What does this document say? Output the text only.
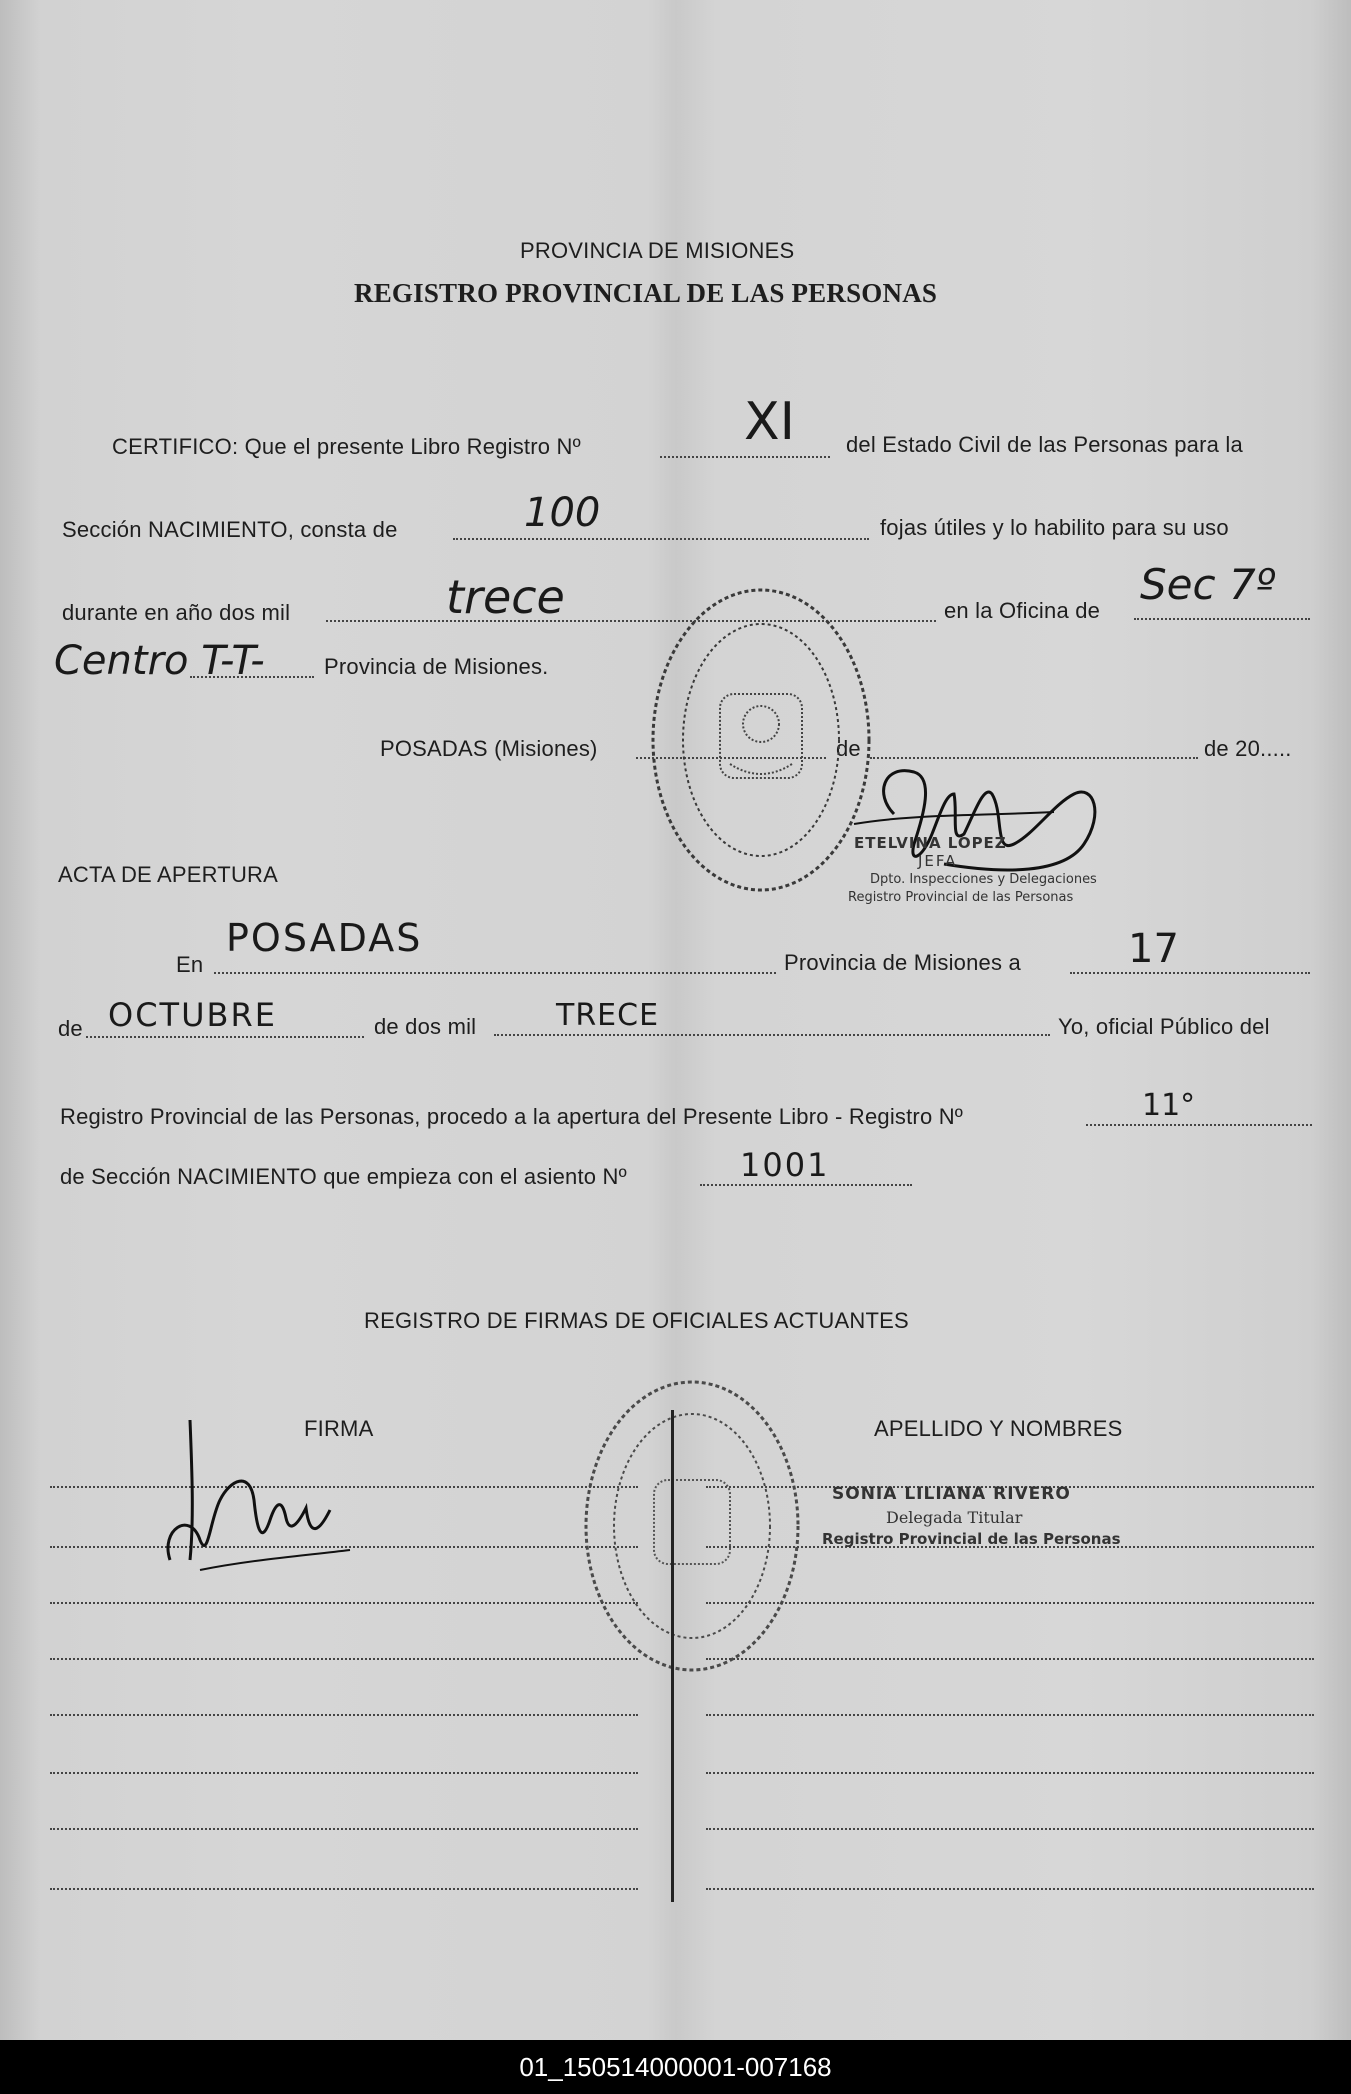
PROVINCIA DE MISIONES
REGISTRO PROVINCIAL DE LAS PERSONAS
CERTIFICO: Que el presente Libro Registro Nº	XI del Estado Civil de las Personas para la
Sección NACIMIENTO, consta de	100	fojas útiles y lo habilito para su uso
durante en año dos mil	trece	en la Oficina de
Sec 7º
Centro T-T-	Provincia de Misiones.
POSADAS (Misiones)	de	de 20.....
ETELVINA LOPEZ
JEFA
Dpto. Inspecciones y Delegaciones
Registro Provincial de las Personas
ACTA DE APERTURA
En
POSADAS
Provincia de Misiones a	17
de OCTUBRE	de dos mil	TRECE	Yo, oficial Público del
Registro Provincial de las Personas, procedo a la apertura del Presente Libro - Registro Nº	11°
de Sección NACIMIENTO que empieza con el asiento Nº	1001
REGISTRO DE FIRMAS DE OFICIALES ACTUANTES
FIRMA	APELLIDO Y NOMBRES
SONIA LILIANA RIVERO
Delegada Titular
Registro Provincial de las Personas
01_150514000001-007168
